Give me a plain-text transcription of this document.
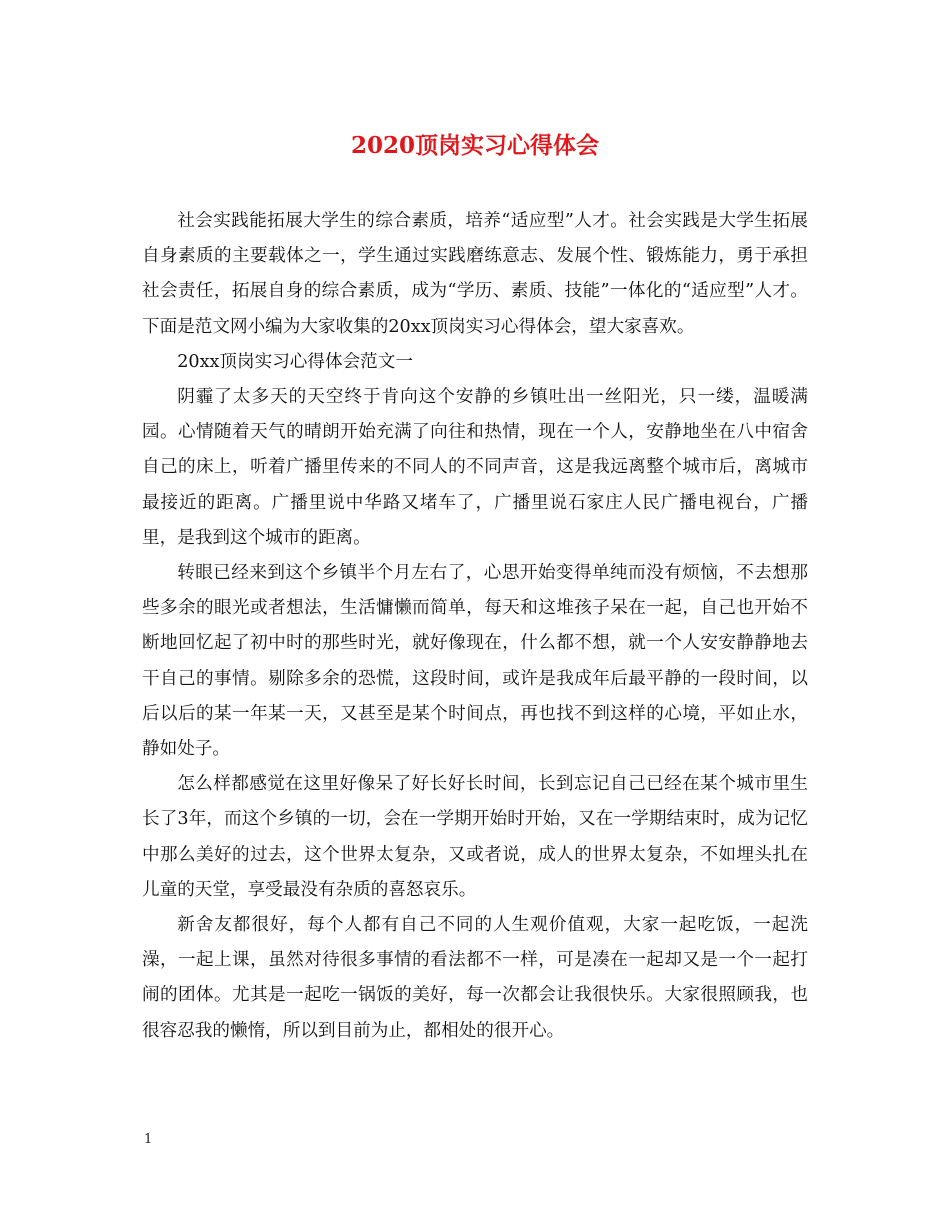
2020顶岗实习心得体会

社会实践能拓展大学生的综合素质，培养“适应型”人才。社会实践是大学生拓展自身素质的主要载体之一，学生通过实践磨练意志、发展个性、锻炼能力，勇于承担社会责任，拓展自身的综合素质，成为“学历、素质、技能”一体化的“适应型”人才。下面是范文网小编为大家收集的20xx顶岗实习心得体会，望大家喜欢。

20xx顶岗实习心得体会范文一

阴霾了太多天的天空终于肯向这个安静的乡镇吐出一丝阳光，只一缕，温暖满园。心情随着天气的晴朗开始充满了向往和热情，现在一个人，安静地坐在八中宿舍自己的床上，听着广播里传来的不同人的不同声音，这是我远离整个城市后，离城市最接近的距离。广播里说中华路又堵车了，广播里说石家庄人民广播电视台，广播里，是我到这个城市的距离。

转眼已经来到这个乡镇半个月左右了，心思开始变得单纯而没有烦恼，不去想那些多余的眼光或者想法，生活慵懒而简单，每天和这堆孩子呆在一起，自己也开始不断地回忆起了初中时的那些时光，就好像现在，什么都不想，就一个人安安静静地去干自己的事情。剔除多余的恐慌，这段时间，或许是我成年后最平静的一段时间，以后以后的某一年某一天，又甚至是某个时间点，再也找不到这样的心境，平如止水，静如处子。

怎么样都感觉在这里好像呆了好长好长时间，长到忘记自己已经在某个城市里生长了3年，而这个乡镇的一切，会在一学期开始时开始，又在一学期结束时，成为记忆中那么美好的过去，这个世界太复杂，又或者说，成人的世界太复杂，不如埋头扎在儿童的天堂，享受最没有杂质的喜怒哀乐。

新舍友都很好，每个人都有自己不同的人生观价值观，大家一起吃饭，一起洗澡，一起上课，虽然对待很多事情的看法都不一样，可是凑在一起却又是一个一起打闹的团体。尤其是一起吃一锅饭的美好，每一次都会让我很快乐。大家很照顾我，也很容忍我的懒惰，所以到目前为止，都相处的很开心。

1
